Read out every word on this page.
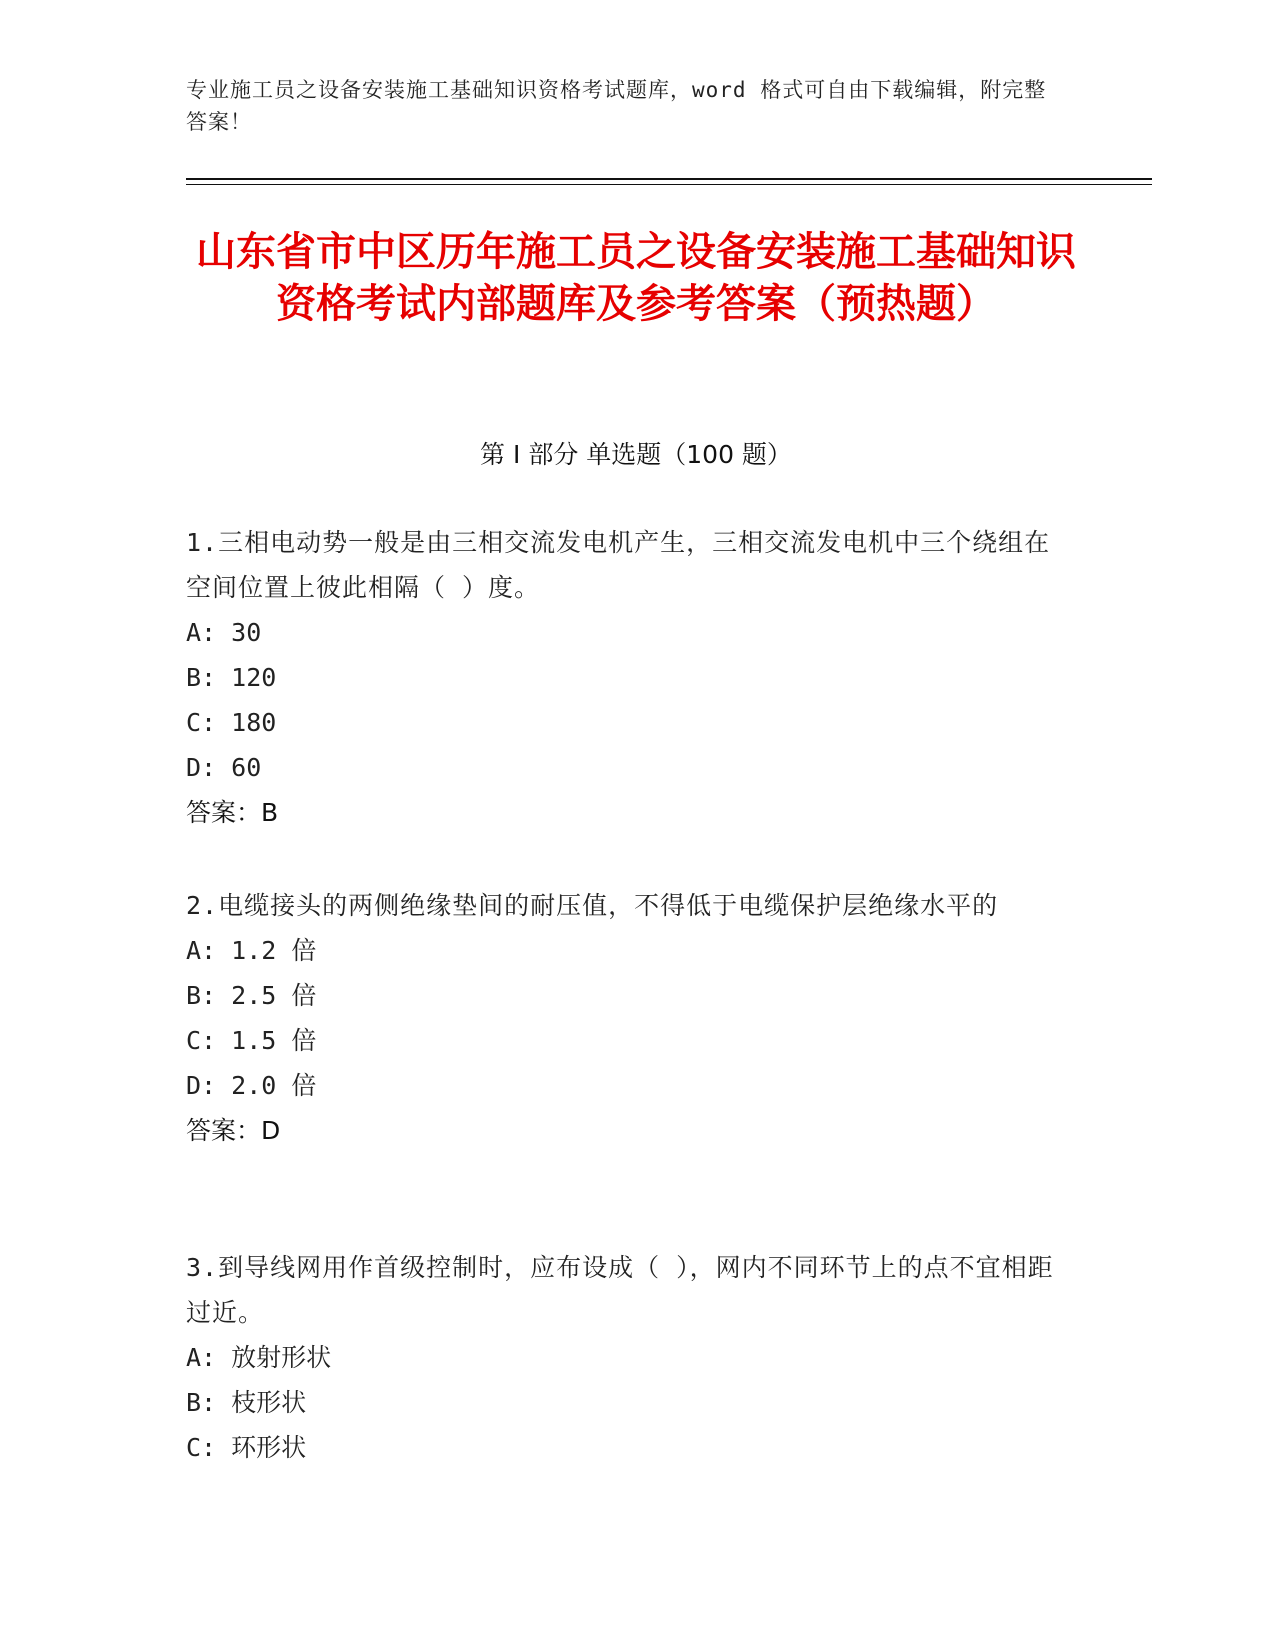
专业施工员之设备安装施工基础知识资格考试题库，word 格式可自由下载编辑，附完整答案！
山东省市中区历年施工员之设备安装施工基础知识资格考试内部题库及参考答案（预热题）
第 I 部分 单选题（100 题）
1.三相电动势一般是由三相交流发电机产生，三相交流发电机中三个绕组在空间位置上彼此相隔（ ）度。
A: 30
B: 120
C: 180
D: 60
答案：B
2.电缆接头的两侧绝缘垫间的耐压值，不得低于电缆保护层绝缘水平的
A: 1.2 倍
B: 2.5 倍
C: 1.5 倍
D: 2.0 倍
答案：D
3.到导线网用作首级控制时，应布设成（ ），网内不同环节上的点不宜相距过近。
A: 放射形状
B: 枝形状
C: 环形状
